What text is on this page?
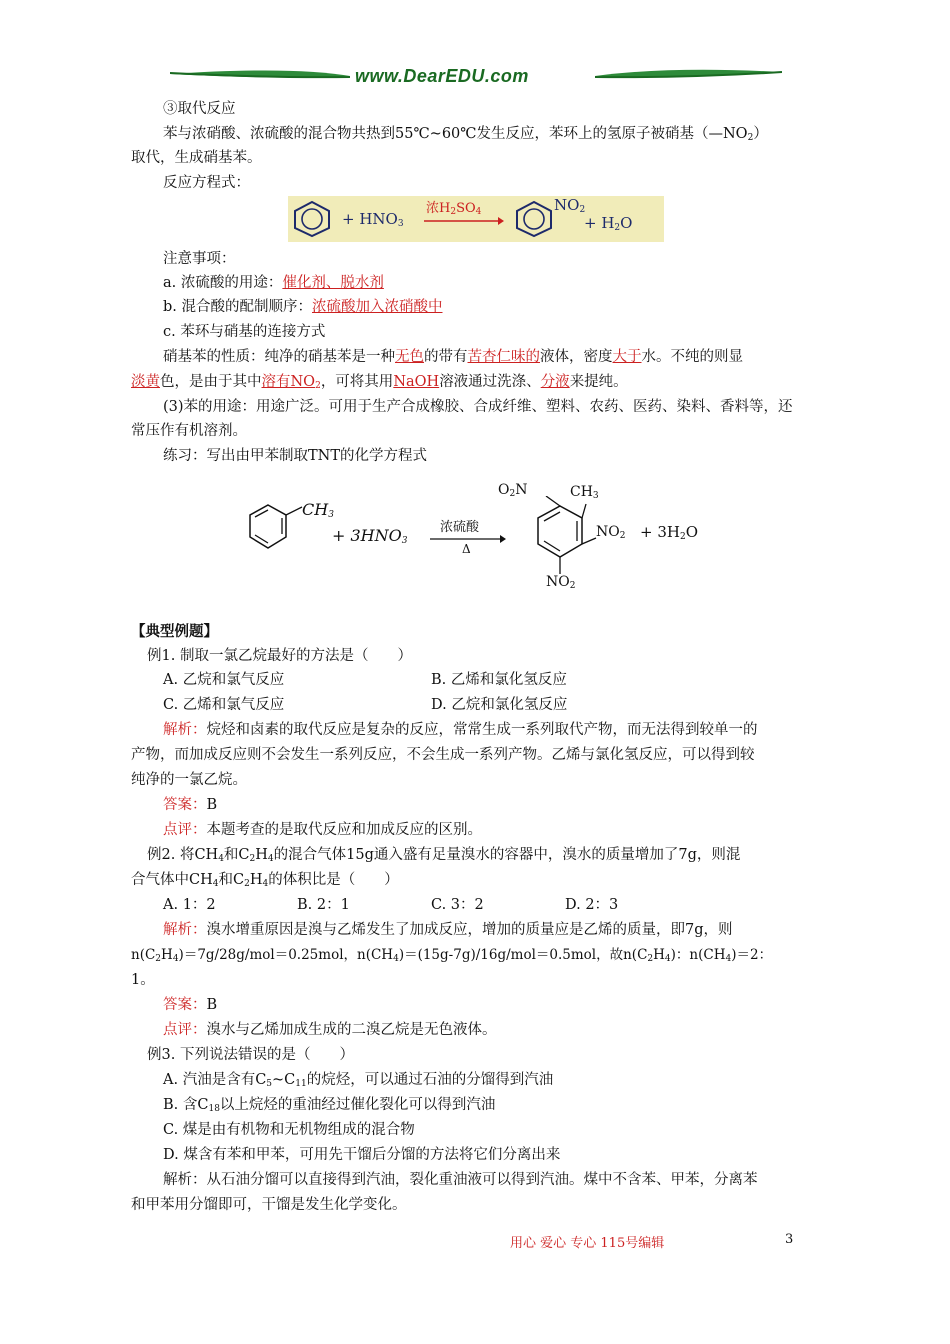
www.DearEDU.com
③取代反应
苯与浓硝酸、浓硫酸的混合物共热到55℃~60℃发生反应，苯环上的氢原子被硝基$(—NO_2)$
取代，生成硝基苯。
反应方程式：
+ $HNO_3$
浓$H_2SO_4$	$NO_2$
+ $H_2O$
注意事项：
a. 浓硫酸的用途：催化剂、脱水剂
b. 混合酸的配制顺序：浓硫酸加入浓硝酸中
c. 苯环与硝基的连接方式
硝基苯的性质：纯净的硝基苯是一种无色的带有苦杏仁味的液体，密度大于水。不纯的则显
淡黄色，是由于其中溶有$NO_2$，可将其用NaOH溶液通过洗涤、分液来提纯。
(3)苯的用途：用途广泛。可用于生产合成橡胶、合成纤维、塑料、农药、医药、染料、香料等，还
常压作有机溶剂。
练习：写出由甲苯制取TNT的化学方程式
$CH_3$
+ $3HNO_3$
浓硫酸
Δ
$O_2N$	$CH_3$
$NO_2$
$NO_2$
+ $3H_2O$
【典型例题】
例1. 制取一氯乙烷最好的方法是（　　）
A. 乙烷和氯气反应	B. 乙烯和氯化氢反应
C. 乙烯和氯气反应	D. 乙烷和氯化氢反应
解析：烷烃和卤素的取代反应是复杂的反应，常常生成一系列取代产物，而无法得到较单一的
产物，而加成反应则不会发生一系列反应，不会生成一系列产物。乙烯与氯化氢反应，可以得到较
纯净的一氯乙烷。
答案：B
点评：本题考查的是取代反应和加成反应的区别。
例2. 将$CH_4$和$C_2H_4$的混合气体15g通入盛有足量溴水的容器中，溴水的质量增加了7g，则混
合气体中$CH_4$和$C_2H_4$的体积比是（　　）
A. 1：2	B. 2：1	C. 3：2	D. 2：3
解析：溴水增重原因是溴与乙烯发生了加成反应，增加的质量应是乙烯的质量，即7g，则
$n(C_2H_4)=7g/28g/mol=0.25mol$，$n(CH_4)=(15g-7g)/16g/mol=0.5mol$，故$n(C_2H_4)$：$n(CH_4)=2$：
1。
答案：B
点评：溴水与乙烯加成生成的二溴乙烷是无色液体。
例3. 下列说法错误的是（　　）
A. 汽油是含有$C_5\sim C_{11}$的烷烃，可以通过石油的分馏得到汽油
B. 含$C_{18}$以上烷烃的重油经过催化裂化可以得到汽油
C. 煤是由有机物和无机物组成的混合物
D. 煤含有苯和甲苯，可用先干馏后分馏的方法将它们分离出来
解析：从石油分馏可以直接得到汽油，裂化重油液可以得到汽油。煤中不含苯、甲苯，分离苯
和甲苯用分馏即可，干馏是发生化学变化。
用心 爱心 专心 115号编辑	3
